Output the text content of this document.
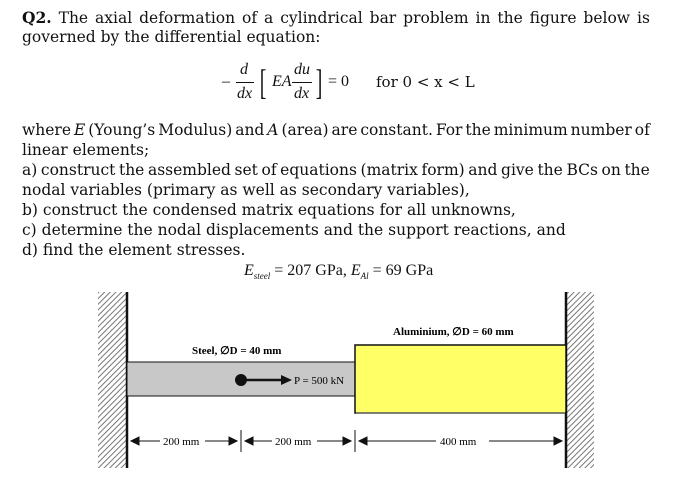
Q2. The axial deformation of a cylindrical bar problem in the figure below is
governed by the differential equation:
–
d
dx [ EA
du
dx ] = 0 for 0 < x < L
where E (Young’s Modulus) and A (area) are constant. For the minimum number of
linear elements;
a) construct the assembled set of equations (matrix form) and give the BCs on the
nodal variables (primary as well as secondary variables),
b) construct the condensed matrix equations for all unknowns,
c) determine the nodal displacements and the support reactions, and
d) find the element stresses.
$E_{steel} = 207$ GPa, $E_{Al} = 69$ GPa
P = 500 kN
Steel, ∅D = 40 mm
Aluminium, ∅D = 60 mm
200 mm	200 mm	400 mm
